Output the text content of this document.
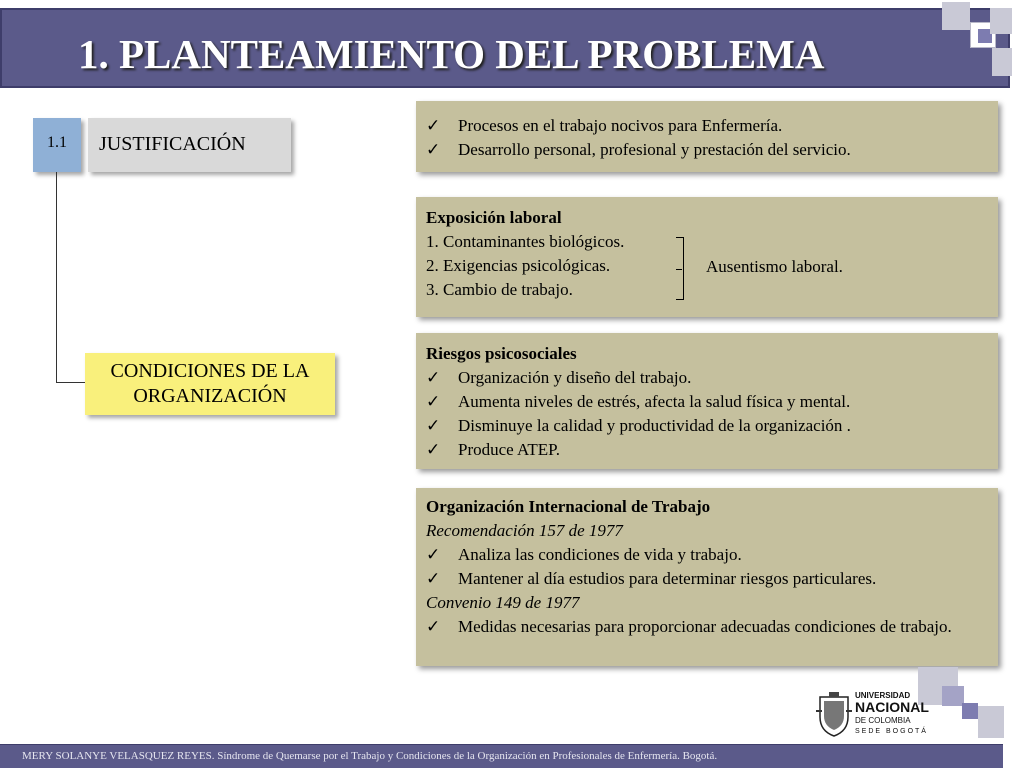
1. PLANTEAMIENTO DEL PROBLEMA
1.1	JUSTIFICACIÓN
CONDICIONES DE LA
ORGANIZACIÓN
✓	Procesos en el trabajo nocivos para Enfermería.
✓	Desarrollo personal, profesional y prestación del servicio.
Exposición laboral
1. Contaminantes biológicos.
2. Exigencias psicológicas.
3. Cambio de trabajo.
Ausentismo laboral.
Riesgos psicosociales
✓	Organización y diseño del trabajo.
✓	Aumenta niveles de estrés, afecta la salud física y mental.
✓	Disminuye la calidad y productividad de la organización .
✓	Produce ATEP.
Organización Internacional de Trabajo
Recomendación 157 de 1977
✓	Analiza las condiciones de vida y trabajo.
✓	Mantener al día estudios para determinar riesgos particulares.
Convenio 149 de 1977
✓	Medidas necesarias para proporcionar adecuadas condiciones de trabajo.
UNIVERSIDAD
NACIONAL
DE COLOMBIA
SEDE BOGOTÁ
MERY SOLANYE VELASQUEZ REYES. Síndrome de Quemarse por el Trabajo y Condiciones de la Organización en Profesionales de Enfermería. Bogotá.
